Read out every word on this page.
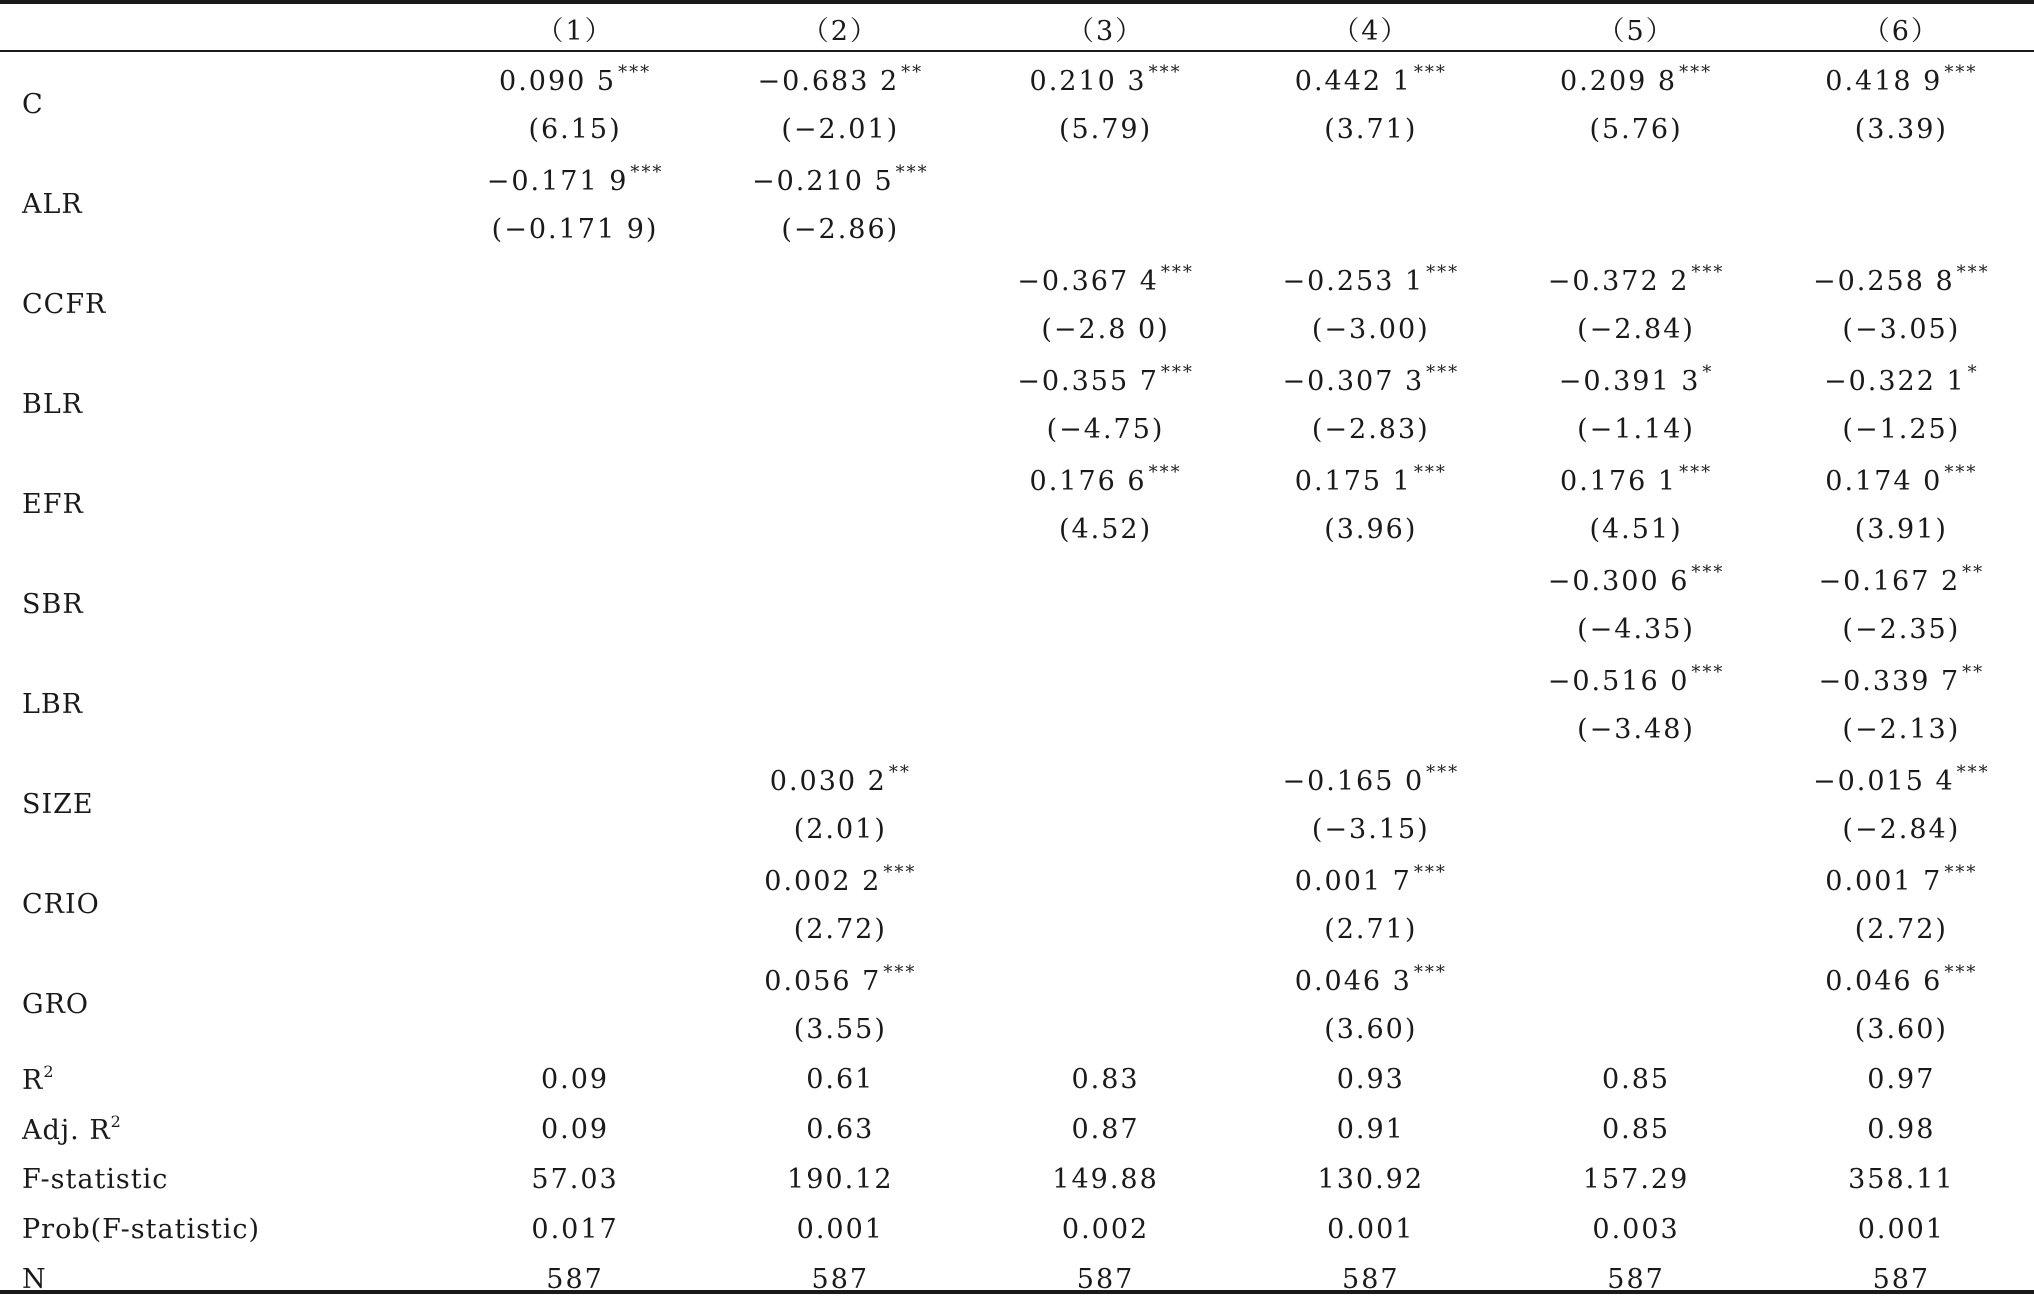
	（1）	（2）	（3）	（4）	（5）	（6）
C	0.090 5 ***	−0.683 2 **	0.210 3 ***	0.442 1 ***	0.209 8 ***	0.418 9 ***
	(6.15)	(−2.01)	(5.79)	(3.71)	(5.76)	(3.39)
ALR	−0.171 9 ***	−0.210 5 ***				
	(−0.171 9)	(−2.86)				
CCFR			−0.367 4 ***	−0.253 1 ***	−0.372 2 ***	−0.258 8 ***
			(−2.8 0)	(−3.00)	(−2.84)	(−3.05)
BLR			−0.355 7 ***	−0.307 3 ***	−0.391 3 *	−0.322 1 *
			(−4.75)	(−2.83)	(−1.14)	(−1.25)
EFR			0.176 6 ***	0.175 1 ***	0.176 1 ***	0.174 0 ***
			(4.52)	(3.96)	(4.51)	(3.91)
SBR					−0.300 6 ***	−0.167 2 **
					(−4.35)	(−2.35)
LBR					−0.516 0 ***	−0.339 7 **
					(−3.48)	(−2.13)
SIZE		0.030 2 **		−0.165 0 ***		−0.015 4 ***
		(2.01)		(−3.15)		(−2.84)
CRIO		0.002 2 ***		0.001 7 ***		0.001 7 ***
		(2.72)		(2.71)		(2.72)
GRO		0.056 7 ***		0.046 3 ***		0.046 6 ***
		(3.55)		(3.60)		(3.60)
$R^2$	0.09	0.61	0.83	0.93	0.85	0.97
Adj. $R^2$	0.09	0.63	0.87	0.91	0.85	0.98
F-statistic	57.03	190.12	149.88	130.92	157.29	358.11
Prob(F-statistic)	0.017	0.001	0.002	0.001	0.003	0.001
N	587	587	587	587	587	587
